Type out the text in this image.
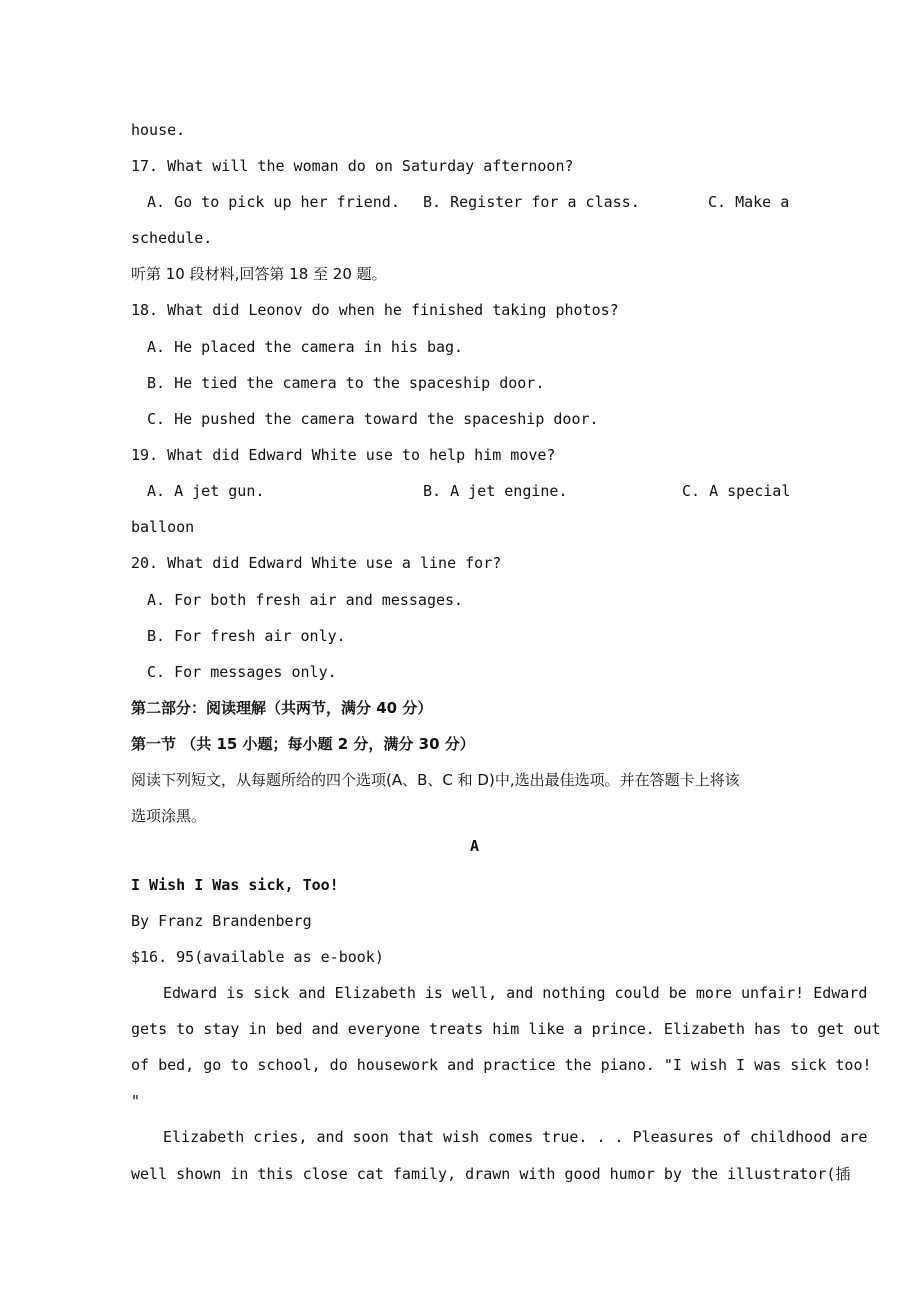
house.
17. What will the woman do on Saturday afternoon?
A. Go to pick up her friend. B. Register for a class.	C. Make a
schedule.
听第 10 段材料,回答第 18 至 20 题。
18. What did Leonov do when he finished taking photos?
A. He placed the camera in his bag.
B. He tied the camera to the spaceship door.
C. He pushed the camera toward the spaceship door.
19. What did Edward White use to help him move?
A. A jet gun.	B. A jet engine.	C. A special
balloon
20. What did Edward White use a line for?
A. For both fresh air and messages.
B. For fresh air only.
C. For messages only.
第二部分：阅读理解（共两节，满分 40 分）
第一节 （共 15 小题；每小题 2 分，满分 30 分）
阅读下列短文，从每题所给的四个选项(A、B、C 和 D)中,选出最佳选项。并在答题卡上将该
选项涂黑。
A
I Wish I Was sick, Too!
By Franz Brandenberg
$16. 95(available as e-book)
Edward is sick and Elizabeth is well, and nothing could be more unfair! Edward
gets to stay in bed and everyone treats him like a prince. Elizabeth has to get out
of bed, go to school, do housework and practice the piano. "I wish I was sick too!
"
Elizabeth cries, and soon that wish comes true. . . Pleasures of childhood are
well shown in this close cat family, drawn with good humor by the illustrator(插
